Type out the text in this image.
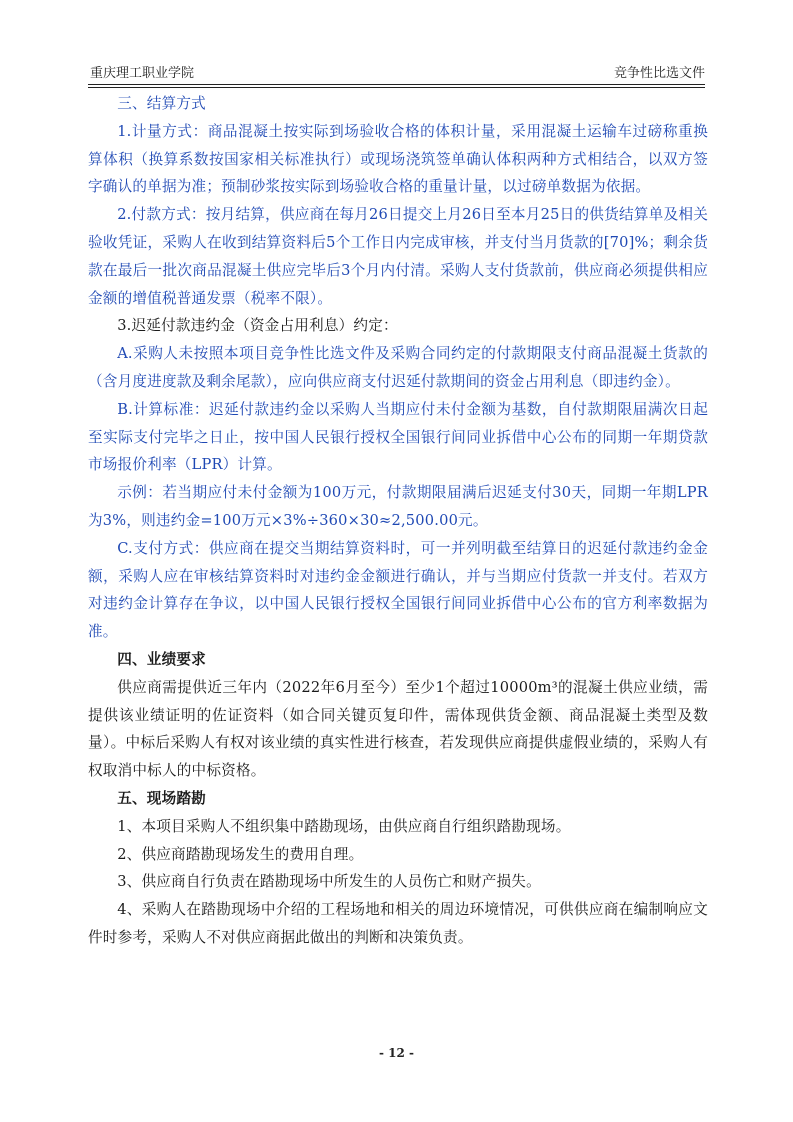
重庆理工职业学院	竞争性比选文件

三、结算方式

1.计量方式：商品混凝土按实际到场验收合格的体积计量，采用混凝土运输车过磅称重换算体积（换算系数按国家相关标准执行）或现场浇筑签单确认体积两种方式相结合，以双方签字确认的单据为准；预制砂浆按实际到场验收合格的重量计量，以过磅单数据为依据。

2.付款方式：按月结算，供应商在每月26日提交上月26日至本月25日的供货结算单及相关验收凭证，采购人在收到结算资料后5个工作日内完成审核，并支付当月货款的[70]%；剩余货款在最后一批次商品混凝土供应完毕后3个月内付清。采购人支付货款前，供应商必须提供相应金额的增值税普通发票（税率不限）。

3.迟延付款违约金（资金占用利息）约定：

A.采购人未按照本项目竞争性比选文件及采购合同约定的付款期限支付商品混凝土货款的（含月度进度款及剩余尾款），应向供应商支付迟延付款期间的资金占用利息（即违约金）。

B.计算标准：迟延付款违约金以采购人当期应付未付金额为基数，自付款期限届满次日起至实际支付完毕之日止，按中国人民银行授权全国银行间同业拆借中心公布的同期一年期贷款市场报价利率（LPR）计算。

示例：若当期应付未付金额为100万元，付款期限届满后迟延支付30天，同期一年期LPR为3%，则违约金=100万元×3%÷360×30≈2,500.00元。

C.支付方式：供应商在提交当期结算资料时，可一并列明截至结算日的迟延付款违约金金额，采购人应在审核结算资料时对违约金金额进行确认，并与当期应付货款一并支付。若双方对违约金计算存在争议，以中国人民银行授权全国银行间同业拆借中心公布的官方利率数据为准。

四、业绩要求

供应商需提供近三年内（2022年6月至今）至少1个超过10000m³的混凝土供应业绩，需提供该业绩证明的佐证资料（如合同关键页复印件，需体现供货金额、商品混凝土类型及数量）。中标后采购人有权对该业绩的真实性进行核查，若发现供应商提供虚假业绩的，采购人有权取消中标人的中标资格。

五、现场踏勘

1、本项目采购人不组织集中踏勘现场，由供应商自行组织踏勘现场。

2、供应商踏勘现场发生的费用自理。

3、供应商自行负责在踏勘现场中所发生的人员伤亡和财产损失。

4、采购人在踏勘现场中介绍的工程场地和相关的周边环境情况，可供供应商在编制响应文件时参考，采购人不对供应商据此做出的判断和决策负责。

- 12 -
